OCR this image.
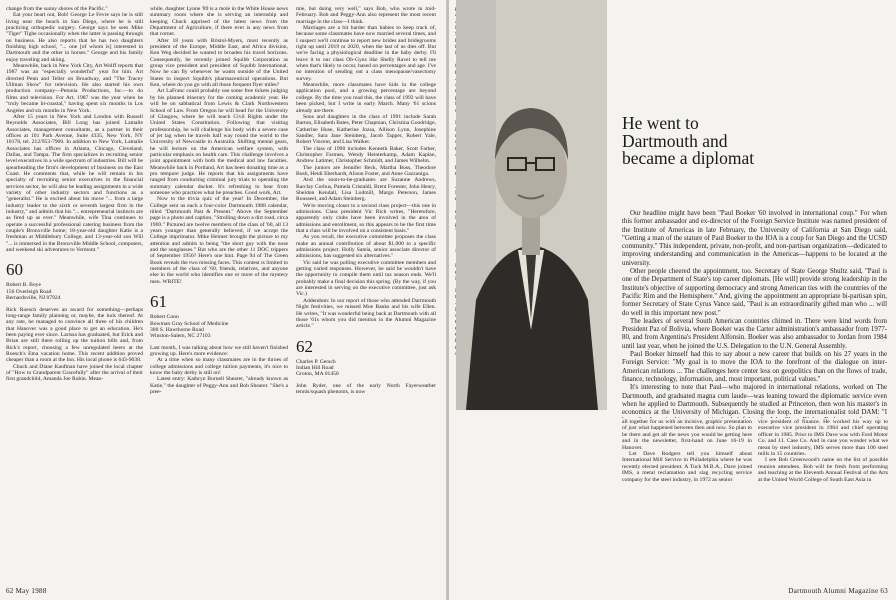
change from the sunny shores of the Pacific."

Eat your heart out, Bob! George Le Fevre says he is still living near the beach in San Diego, where he is still practicing orthopedic surgery. George says he sees Mike "Tiger" Tighe occasionally when the latter is passing through on business. He also reports that he has two daughters finishing high school, "... one [of whom is] interested in Dartmouth and the other in horses." George and his family enjoy traveling and skiing.

Meanwhile, back in New York City, Art Wolff reports that 1987 was an "especially wonderful" year for him. Art directed Penn and Teller on Broadway, and "The Tracey Ullman Show" for television. He also started his own production company—Petunia Productions, Inc.—to do films and television. For Art, 1987 was the year when he "truly became bi-coastal," having spent six months in Los Angeles and six months in New York.

After 15 years in New York and London with Russell Reynolds Associates, Bill Long has joined Lamalie Associates, management consultants, as a partner in their offices at 101 Park Avenue, Suite 4335, New York, NY 10178, tel. 212/953-7900. In addition to New York, Lamalie Associates has offices in Atlanta, Chicago, Cleveland, Dallas, and Tampa. The firm specializes in recruiting senior level executives in a wide spectrum of industries. Bill will be spearheading the firm's development of business on the East Coast. He comments that, while he will remain in his specialty of recruiting senior executives in the financial services sector, he will also be leading assignments in a wide variety of other industry sectors and functions as a "generalist." He is excited about his move "... from a large industry leader to the sixth or seventh largest firm in the industry," and admits that his "... entrepreneurial instincts are as fired up as ever." Meanwhile, wife Tina continues to operate a successful professional catering business from the couple's Bronxville home; 18-year-old daughter Katie is a freshman at Middlebury College, and 13-year-old son Will "... is immersed in the Bronxville Middle School, computers, and weekend ski adventures to Vermont."

60
Robert B. Boye
156 Overleigh Road
Bernardsville, NJ 07924

Rick Roesch deserves an award for something—perhaps long-range family planning or, maybe, the luck thereof. At any rate, he managed to convince all three of his children that Hanover was a good place to get an education. He's been paying ever since. Larissa has graduated, but Erick and Brian are still there rolling up the tuition bills and, from Rick's report, choosing a few unregulated beers at the Roesch's Etna vacation home. This recent addition proved cheaper than a room at the Inn. His local phone is 643-9038.

Chuck and Diane Kaufman have joined the local chapter of "How to Grandparent Gracefully" after the arrival of their first grandchild, Amanda Joe Rubin. Mean-

while, daughter Lynne '89 is a mole in the White House news summary room where she is serving an internship and keeping Chuck apprised of the latest news from the Department of Agriculture, if there ever is any news from that corner.

After 18 years with Bristol-Myers, most recently as president of the Europe, Middle East, and Africa division, Ken Weg decided he wanted to broaden his travel horizons. Consequently, he recently joined Squibb Corporation as group vice president and president of Squibb International. Now he can fly whenever he wants outside of the United States to inspect Squibb's pharmaceutical operations. But Ken, where do you go with all those frequent flyer miles?

Art LaFranc could probably use some free tickets judging by his planned itinerary for the coming academic year. He will be on sabbatical from Lewis & Clark Northwestern School of Law. From Oregon he will head for the University of Glasgow, where he will teach Civil Rights under the United States Constitution. Following that visiting professorship, he will challenge his body with a severe case of jet lag when he travels half way round the world to the University of Newcastle in Australia. Shifting mental gears, he will lecture on the American welfare system, with particular emphasis on health care. This challenge involves a joint appointment with both the medical and law faculties. Meanwhile back in Portland, Art has been donating time as a pro tempore judge. He reports that his assignments have ranged from conducting criminal jury trials to operating the summary calendar docket. It's refreshing to hear from someone who practices what he preaches. Good work, Art.

Now to the trivia quiz of the year! In December, the College sent us each a four-color Dartmouth 1988 calendar, titled "Dartmouth Past & Present." Above the September page is a photo and caption, "Strolling down a dirt road, circa 1969." Pictured are twelve members of the class of '60, all 13 years younger than generally believed, if we accept the College imprimatur. Mike Heimer brought the picture to my attention and admits to being "the short guy with the nose and the sunglasses." But who are the other 11 DOC trippers of September 1956? Here's one hint. Page 94 of The Green Book reveals the two missing faces. This contest is limited to members of the class of '60, friends, relatives, and anyone else in the world who identifies one or more of the mystery men. WRITE!

61
Robert Conn
Bowman Gray School of Medicine
300 S. Hawthorne Road
Winston-Salem, NC 27103

Last month, I was talking about how we still haven't finished growing up. Here's more evidence:

At a time when so many classmates are in the throes of college admissions and college tuition payments, it's nice to know the baby derby is still on!

Latest entry: Kathryn Burnell Shearer, "already known as Katie," the daughter of Peggy-Ann and Bob Shearer. "She's a pree-

mie, but doing very well," says Bob, who wrote in mid-February. Bob and Peggy-Ann also represent the most recent marriage in the class—I think.

Marriages are a bit harder than babies to keep track of, because some classmates have now married several times, and I suspect we'll continue to report new brides and bridegrooms right up until 2019 or 2020, when the last of us dies off. But we're facing a physiological deadline in the baby derby. I'll leave it to our class Ob-Gyns like Shelly Ravel to tell me when that's likely to occur, based on percentages and age. I've no intention of sending out a class menopause/vasectomy survey.

Meanwhile, more classmates have kids in the college application pool, and a growing percentage are beyond college. By the time you read this, the class of 1992 will have been picked, but I write in early March. Many '61 scions already are there.

Sons and daughters in the class of 1991 include Sarah Barton, Elisabeth Bates, Peter Chapman, Christina Goodridge, Catherine Huse, Katherine Jozsa, Allison Lynn, Josephine Sandler, Sara Jane Steinberg, Jacob Tapper, Robert Yale, Robert Vincent, and Lisa Walker.

The class of 1990 includes Kenneth Baker, Scott Farber, Christopher Farmen, Wendy Heinterkamp, Adam Kaplan, Andrew Latimer, Christopher Schmidt, and James Wilhelm.

The juniors are Jennifer Beck, Martha Boss, Theodore Bush, Heidi Eberhardt, Alison Foster, and Anne Gazzaniga.

And the soon-to-be-graduates are Suzanne Andrews, Barclay Corbus, Pamela Cristaldi, Brent Forester, John Henry, Sheldon Kendall, Lisa Lodmill, Margo Peterson, James Rousseel, and Adam Steinberg.

We're moving closer to a second class project—this one in admissions. Class president Vic Rich writes, "Heretofore, apparently only clubs have been involved in the area of admissions and enrollment, so this appears to be the first time that a class will be involved on a consistent basis."

As you recall, the executive committee proposes the class make an annual contribution of about $1,000 to a specific admissions project. Holly Sateia, senior associate director of admissions, has suggested six alternatives."

Vic said he was polling executive committee members and getting varied responses. However, he said he wouldn't have the opportunity to compile them until tax season ends. We'll probably make a final decision this spring. (By the way, if you are interested in serving on the executive committee, just ask Vic.)

Addendum: In our report of those who attended Dartmouth Night festivities, we missed Moe Banks and his wife Ellen. He writes, "It was wonderful being back at Dartmouth with all those '61s whom you did mention in the Alumni Magazine article."

62
Charles P. Gersch
Indian Hill Road
Groton, MA 01450

John Ryder, one of the early North Fayerweather tennis/squash phenoms, is now

62 May 1988	Dartmouth Alumni Magazine 63
He went to Dartmouth and became a diplomat

Our headline might have been "Paul Boeker '60 involved in international coup." For when this former ambassador and ex-director of the Foreign Service Institute was named president of the Institute of Americas in late February, the University of California at San Diego said, "Getting a man of the stature of Paul Boeker to the IOA is a coup for San Diego and the UCSD community." This independent, private, non-profit, and non-partisan organization—dedicated to improving understanding and communication in the Americas—happens to be located at the university.

Other people cheered the appointment, too. Secretary of State George Shultz said, "Paul is one of the Department of State's top career diplomats. [He will] provide strong leadership in the Institute's objective of supporting democracy and strong American ties with the countries of the Pacific Rim and the Hemisphere." And, giving the appointment an appropriate bi-partisan spin, former Secretary of State Cyrus Vance said, "Paul is an extraordinarily gifted man who ... will do well in this important new post."

The leaders of several South American countries chimed in. There were kind words from President Paz of Bolivia, where Boeker was the Carter administration's ambassador from 1977-80, and from Argentina's President Alfonsin. Boeker was also ambassador to Jordan from 1984 until last year, when he joined the U.S. Delegation to the U.N. General Assembly.

Paul Boeker himself had this to say about a new career that builds on his 27 years in the Foreign Service: "My goal is to move the IOA to the forefront of the dialogue on inter-American relations ... The challenges here center less on geopolitics than on the flows of trade, finance, technology, information, and, most important, political values."

It's interesting to note that Paul—who majored in international relations, worked on The Dartmouth, and graduated magna cum laude—was leaning toward the diplomatic service even when he applied to Dartmouth. Subsequently he studied at Princeton, then won his master's in economics at the University of Michigan. Closing the loop, the internationalist told DAM: "I

all together for us with an incisive, graphic presentation of just what happened between then and now. So plan to be there and get all the news you would be getting here and in the newsletter, first-hand on June 16-19 in Hanover.

Let Dave Rodgers tell you himself about International Mill Service in Philadelphia where he was recently elected president. A Tuck M.B.A., Dave joined IMS, a metal reclamation and slag recycling service company for the steel industry, in 1972 as senior

vice president of finance. He worked his way up to executive vice president in 1984 and chief operating officer in 1985. Prior to IMS Dave was with Ford Motor Co. and J.I. Case Co. And in case you wonder what we mean by steel industry, IMS serves more than 100 steel mills in 15 countries.

I see Bob Greenwood's name on the list of possible reunion attendees. Bob will be fresh from performing and teaching at the Eleventh Annual Festival of the Arts at the United World College of South East Asia in
